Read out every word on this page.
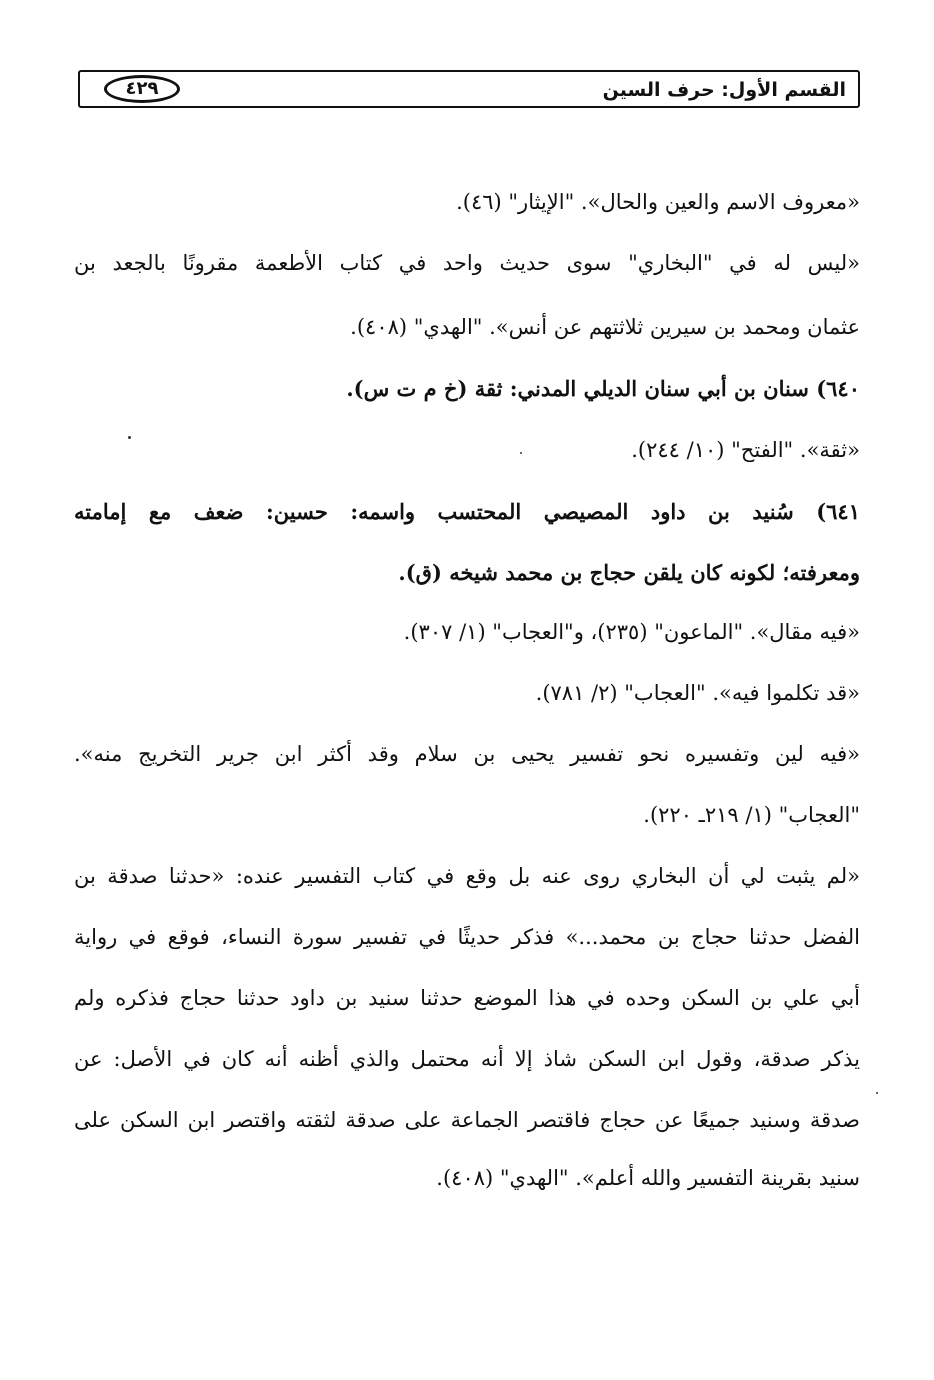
القسم الأول: حرف السين
٤٢٩
«معروف الاسم والعين والحال». "الإيثار" (٤٦).
«ليس له في "البخاري" سوى حديث واحد في كتاب الأطعمة مقرونًا بالجعد بن
عثمان ومحمد بن سيرين ثلاثتهم عن أنس». "الهدي" (٤٠٨).
٦٤٠) سنان بن أبي سنان الديلي المدني: ثقة (خ م ت س).
«ثقة». "الفتح" (١٠/ ٢٤٤).
٦٤١) سُنيد بن داود المصيصي المحتسب واسمه: حسين: ضعف مع إمامته
ومعرفته؛ لكونه كان يلقن حجاج بن محمد شيخه (ق).
«فيه مقال». "الماعون" (٢٣٥)، و"العجاب" (١/ ٣٠٧).
«قد تكلموا فيه». "العجاب" (٢/ ٧٨١).
«فيه لين وتفسيره نحو تفسير يحيى بن سلام وقد أكثر ابن جرير التخريج منه».
"العجاب" (١/ ٢١٩ـ ٢٢٠).
«لم يثبت لي أن البخاري روى عنه بل وقع في كتاب التفسير عنده: «حدثنا صدقة بن
الفضل حدثنا حجاج بن محمد...» فذكر حديثًا في تفسير سورة النساء، فوقع في رواية
أبي علي بن السكن وحده في هذا الموضع حدثنا سنيد بن داود حدثنا حجاج فذكره ولم
يذكر صدقة، وقول ابن السكن شاذ إلا أنه محتمل والذي أظنه أنه كان في الأصل: عن
صدقة وسنيد جميعًا عن حجاج فاقتصر الجماعة على صدقة لثقته واقتصر ابن السكن على
سنيد بقرينة التفسير والله أعلم». "الهدي" (٤٠٨).
